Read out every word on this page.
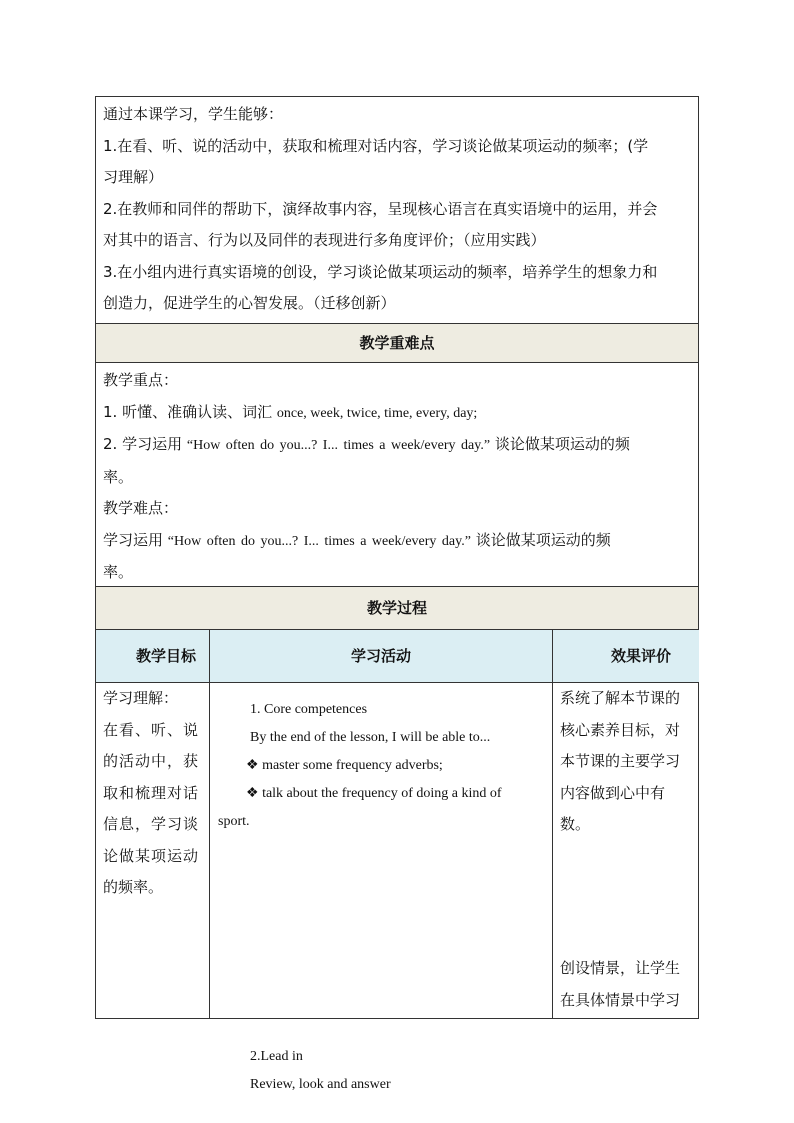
通过本课学习，学生能够：
1.在看、听、说的活动中，获取和梳理对话内容，学习谈论做某项运动的频率；(学
习理解）
2.在教师和同伴的帮助下，演绎故事内容，呈现核心语言在真实语境中的运用，并会
对其中的语言、行为以及同伴的表现进行多角度评价；（应用实践）
3.在小组内进行真实语境的创设，学习谈论做某项运动的频率，培养学生的想象力和
创造力，促进学生的心智发展。（迁移创新）
教学重难点
教学重点：
1. 听懂、准确认读、词汇 once, week, twice, time, every, day;
2. 学习运用 “How often do you...? I... times a week/every day.” 谈论做某项运动的频
率。
教学难点：
学习运用 “How often do you...? I... times a week/every day.” 谈论做某项运动的频
率。
教学过程
教学目标	学习活动	效果评价
学习理解：
在看、听、说
的活动中，获
取和梳理对话
信息，学习谈
论做某项运动
的频率。
1. Core competences
By the end of the lesson, I will be able to...
❖ master some frequency adverbs;
❖ talk about the frequency of doing a kind of
sport.
2.Lead in
Review, look and answer
系统了解本节课的
核心素养目标，对
本节课的主要学习
内容做到心中有
数。
创设情景，让学生
在具体情景中学习
